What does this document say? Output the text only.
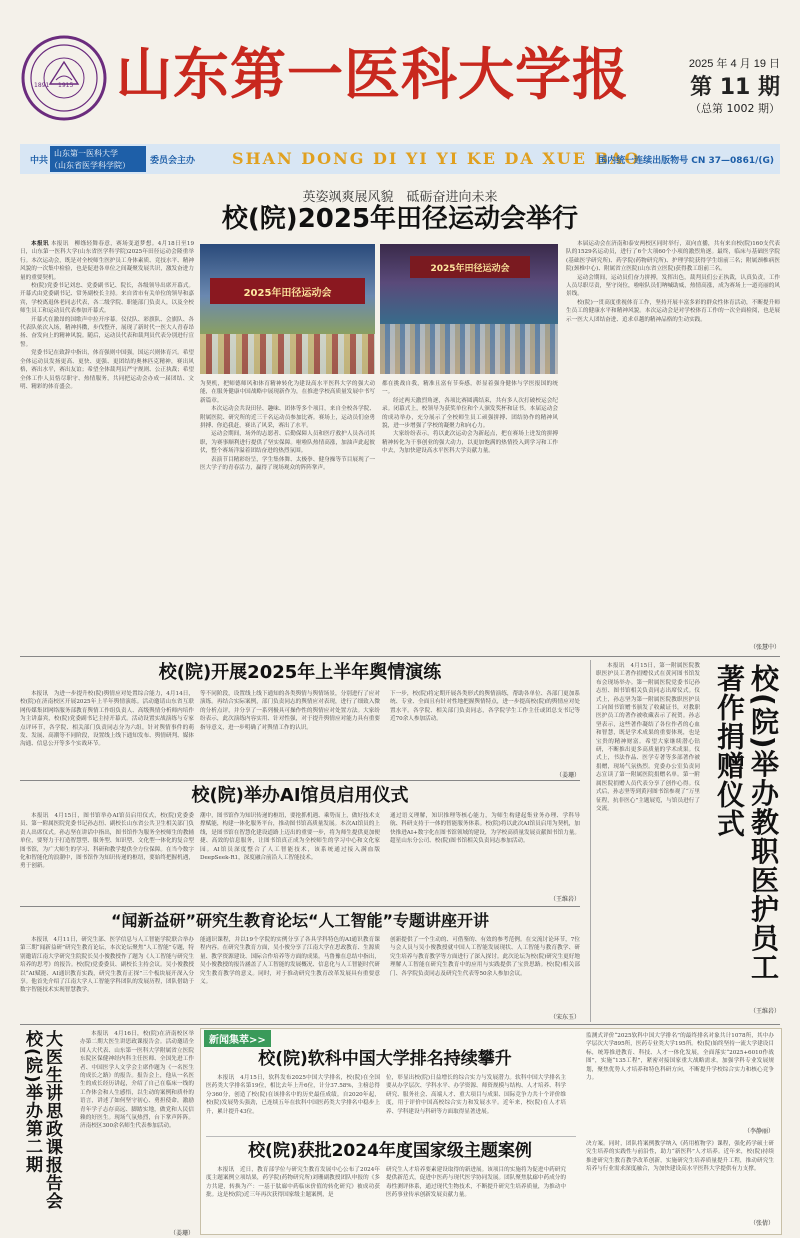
1891 1915 山东第一医科大学报	2025 年 4 月 19 日
第 11 期
（总第 1002 期）
中共
山东第一医科大学
（山东省医学科学院） 委员会主办 SHAN DONG DI YI YI KE DA XUE BAO
国内统一连续出版物号 CN 37—0861/(G)
英姿飒爽展风貌　砥砺奋进向未来
校(院)2025年田径运动会举行

本报讯 本报讯　柳绦轻舞春意，赛场变道梦想。4月18日至19日，山东第一医科大学(山东省医学科学院)2025年田径运动会隆重举行。本次运动会，既是对全校师生医护员工身体素质、竞技水平、精神风貌的一次集中检验，也是促进各单位之间凝聚发展共识，激发奋进力量的重要契机。

校(院)党委书记刘忠、党委副书记、院长，各级领导出席开幕式。开幕式由党委副书记、常务副校长主持。来自省市有关单位的领导和嘉宾，学校离退休老同志代表，各二级学院、职能部门负责人，以及全校师生员工和运动员代表参加开幕式。

开幕式在激昂的国歌声中拉开序幕。仪仗队、彩旗队、会旗队、各代表队依次入场，精神抖擞，步伐整齐，展现了新时代一医大人青春昂扬、奋发向上的精神风貌。随后，运动员代表和裁判员代表分别进行宣誓。

党委书记在致辞中指出，体育强则中国强，国运兴则体育兴。希望全体运动员发扬更高、更快、更强、更团结的奥林匹克精神，赛出风格，赛出水平，赛出友谊；希望全体裁判员严守规则、公正执裁；希望全体工作人员恪尽职守、热情服务，共同把运动会办成一届团结、文明、精彩的体育盛会。

2025年田径运动会
2025年田径运动会

为契机，把师德师风和体育精神转化为建设高水平医科大学的强大动能，在服务健康中国战略中展现新作为，在推进学校高质量发展中书写新篇章。

本次运动会共设田径、趣味、团体等多个项目，来自全校各学院、附属医院、研究所的近三千名运动员参加比赛。赛场上，运动员们奋勇拼搏、你追我赶，赛出了风采，赛出了水平。

运动会期间，场外的志愿者、后勤保障人员和医疗救护人员各司其职，为赛事顺利进行提供了坚实保障。啦啦队热情高涨，加油声此起彼伏，整个赛场洋溢着团结奋进的热烈氛围。

表演节目精彩纷呈，学生集体舞、太极拳、健身操等节目展现了一医大学子的青春活力，赢得了现场观众的阵阵掌声。

都在挑战自我，精准且富有节奏感，彰显着强身健体与学医报国的统一。

经过两天激烈角逐，各项比赛圆满结束，共有多人次打破校运会纪录。闭幕式上，校领导为获奖单位和个人颁发奖杯和证书。本届运动会的成功举办，充分展示了全校师生员工顽强拼搏、团结协作的精神风貌，进一步增强了学校的凝聚力和向心力。

大家纷纷表示，将以此次运动会为新起点，把在赛场上迸发的拼搏精神转化为干事创业的强大动力，以更加饱满的热情投入到学习和工作中去，为加快建设高水平医科大学贡献力量。

本届运动会在济南和泰安两校区同时举行，双向直播，共有来自校(院)160支代表队的1529名运动员，进行了6个大项60个小项的激烈角逐。最终，临床与基础医学院(基础医学研究所)、药学院(药物研究所)、护理学院获得学生组前三名；附属颈椎病医院(颈椎中心)、附属省立医院(山东省立医院)获得教工组前三名。

运动会期间，运动员们奋力拼搏，发挥出色，裁判员们公正执裁，认真负责，工作人员尽职尽责，坚守岗位，啦啦队员们呐喊助威，热情高涨，成为赛场上一道亮丽的风景线。

校(院)一贯高度重视体育工作，坚持开展丰富多彩的群众性体育活动，不断提升师生员工的健康水平和精神风貌。本次运动会是对学校体育工作的一次全面检阅，也是展示一医大人团结奋进、追求卓越的精神品格的生动实践。

（张慧中）
校(院)开展2025年上半年舆情演练
本报讯　为进一步提升校(院)舆情应对处置综合能力，4月14日，校(院)在济南校区开展2025年上半年舆情演练。活动邀请山东省互联网传媒集团网络服务部教育舆情工作组负责人、高级舆情分析师内培作为主讲嘉宾，校(院)党委副书记主持开幕式。活动设置实战演练与专家点评环节，各学院、相关部门负责同志分为六组，针对舆情事件的萌发、发展、高潮等不同阶段，设置线上线下通知发布、舆情研判、媒体沟通、信息公开等多个实战环节。
等不同阶段，设置线上线下通知的各类舆情与舆情场景，分别进行了应对演练。再结合实际案例，部门负责同志的舆情应对表现，进行了细致入微的分析点评，并分享了一系列极具可操作性的舆情应对处置方法。大家纷纷表示，此次演练内容实用、针对性强，对于提升舆情应对能力具有重要指导意义，进一步明确了对舆情工作的认识。
下一步，校(院)将定期开展各类形式的舆情演练，帮助各单位、各部门更加系统、专业、全面且有针对性地把握舆情特点，进一步提高校(院)的舆情应对处置水平。各学院、相关部门负责同志，各学院学生工作主任或团总支书记等近70余人参加活动。
（姜珊）
校(院)举办AI馆员启用仪式
本报讯　4月15日，图书馆举办AI馆员启用仪式，校(院)党委委员、第一附属医院党委书记孙志恒、副校长山东省公共卫生相关部门负责人出席仪式。孙志坚在讲话中指出，图书馆作为服务全校师生的教辅单位，要努力于打造智慧型、服务型、知识型、文化型一体化的复合型图书馆，为广大师生的学习、科研和教学提供全方位保障。在当今数字化和智能化的浪潮中，图书馆作为知识传递的枢纽，要始终把握机遇，勇于创新。
潮中，图书馆作为知识传递的枢纽，要抢抓机遇、乘势而上，做好技术支撑赋能，构建一体化服务平台，推动图书馆高质量发展。本次AI馆员的上线，是图书馆在智慧化建设道路上迈出的重要一步，将为师生提供更加便捷、高效的信息服务，让图书馆真正成为全校师生的学习中心和文化家园。AI馆员深度整合了人工智能技术，该系统通过接入满血版DeepSeek-R1，深度融合前沿人工智能技术。
通过语义理解，知识推理等核心能力，为师生构建起集业务办理、学科导航、科研支持于一体的智能服务体系。校(院)将以此次AI馆员启用为契机，加快推进AI+数字化在图书馆领域的建设，为学校高质量发展贡献图书馆力量。超星山东分公司、校(院)图书馆相关负责同志参加活动。
（王维岩）
“闻新益研”研究生教育论坛“人工智能”专题讲座开讲
本报讯　4月11日，研究生部、医学信息与人工智能学院联合举办第三期“闻新益研”研究生教育论坛，本次论坛聚焦“人工智能”专题，特别邀请江南大学研究生院院长吴小俊教授作了题为《人工智能与研究生培养的思考》的报告。校(院)党委委员、副校长主持会议。吴小俊教授以“AI赋能、AI通识教育实践，研究生教育正探”三个板块展开深入分享。他首先介绍了江南大学人工智能学科团队的发展历程，团队借助于数字智能技术实现智慧教学。
能通识课程，并以19个学院的实例分享了各具学科特色的AI通识教育课程内容。在研究生教育方面，吴小俊分享了江南大学在思政教育、生源质量、教学资源建设、国际合作培养等方面的成果。马鲁豫在总结中指出，吴小俊教授的报告涵盖了人工智能的发展概况、信息化与人工智能时代研究生教育教学的意义。同时，对于推动研究生教育改革发展具有重要意义。
创新提供了一个生动的、可借鉴的、有效的参考范例。在交流讨论环节，7位与会人员与吴小俊教授就中国人工智能发展现状、人工智能与教育教学、研究生培养与教育教学等方面进行了深入探讨。此次论坛为校(院)研究生更好地理解人工智能在研究生教育中的应用与实践提供了宝贵思路。校(院)相关部门、各学院负责同志及研究生代表等50余人参加会议。
（宋东玉）
本报讯　4月15日，第一附属医院教职医护员工著作捐赠仪式在黄河图书馆发布会现场举办。第一附属医院党委书记孙志恒、图书馆相关负责同志出席仪式。仪式上，孙志坚为第一附属医院教职医护员工向图书馆赠书颁发了收藏证书，对教职医护员工的著作被收藏表示了祝贺。孙志坚表示，这些著作凝结了各位作者的心血和智慧，既是学术成果的重要体现，也是宝贵的精神财富。希望大家继续潜心钻研，不断推出更多高质量的学术成果。仪式上，书法作品、医学专著等多部著作被捐赠，现场气氛热烈。党委办公室负责同志宣读了第一附属医院捐赠名单。第一附属医院捐赠人员代表分享了创作心得。仪式后，孙志坚等到黄河图书馆参观了“万里征程，抗非医心”主题展览，与馆员进行了交流。	校(院)举办教职医护员工著作捐赠仪式
（王维岩）
大医生讲思政课报告会 校(院)举办第二期	本报讯　4月16日，校(院)在济南校区举办第二期大医生讲思政课报告会。活动邀请全国人大代表、山东第一医科大学附属省立医院东院区保健神经内科主任医师、全国先进工作者、中国医学人文学会主席作题为《一名医生的成长之路》的报告。报告会上，他从一名医生的成长经历讲起，介绍了自己在临床一线的工作体会和人生感悟，以生动的案例和质朴的语言，讲述了如何坚守初心、勇担使命，激励青年学子志存高远、脚踏实地，做党和人民信赖的好医生。现场气氛热烈，台下掌声阵阵。济南校区300余名师生代表参加活动。
（姜珊）
新闻集萃>>
校(院)软科中国大学排名持续攀升
本报讯　4月15日，软科发布2025中国大学排名，校(院)在全国医药类大学排名第19位，相比去年上升6位，计分37.58%，主榜总得分360分，创造了校(院)在该排名中的历史最佳成绩。自2020年起，校(院)发展势头强劲，已连续五年在软科中国医药类大学排名中稳步上升，累计提升43位。
位，彰显出校(院)日益增长的综合实力与发展潜力。软科中国大学排名主要从办学层次、学科水平、办学资源、师资规模与结构、人才培养、科学研究、服务社会、高端人才、重大项目与成果、国际竞争力共十个评价维度，用于评价中国高校综合实力和发展水平。近年来，校(院)在人才培养、学科建设与科研等方面取得显著进展。
监测式评价“2025软科中国大学排名”的最终排名对象共计1078所，其中办学层次大学895所，医药专业类大学195所。校(院)始终坚持一流大学建设目标，统筹推进教育、科技、人才一体化发展，全面落实“2025+6010作战图”，实施“135工程”，紧密对接国家重大战略需求，加强学科专业发展规划，聚焦优势人才培养和特色科研方向，不断提升学校综合实力和核心竞争力。
（李静丽）
校(院)获批2024年度国家级主题案例
本报讯　近日，教育部学位与研究生教育发展中心公布了2024年度主题案例立项结果，药学院(药物研究所)刘珊副教授团队申报的《多方共建，转换为产：一基于肽廊中药临床价值的转化研究》被成功获批。这是校(院)近三年再次获得国家级主题案例，是
研究生人才培养要素建设取得的新进展。该项目的实施将为促进中药研究提供新范式，促进中医药与现代医学协同发展。团队聚焦肽廊中药成分的毒性测评体系，通过现代生物技术，不断提升研究生培养质量，为推动中医药事业传承创新发展贡献力量。
决方案。同时，团队将案例教学纳入《药用植物学》课程，强化药学硕士研究生培养的实践性与前沿性，助力“新医科”人才培养。近年来，校(院)持续推进研究生教育教学改革创新，实施研究生培养质量提升工程，推动研究生培养与行业需求深度融合，为加快建设高水平医科大学提供有力支撑。
（张倩）
